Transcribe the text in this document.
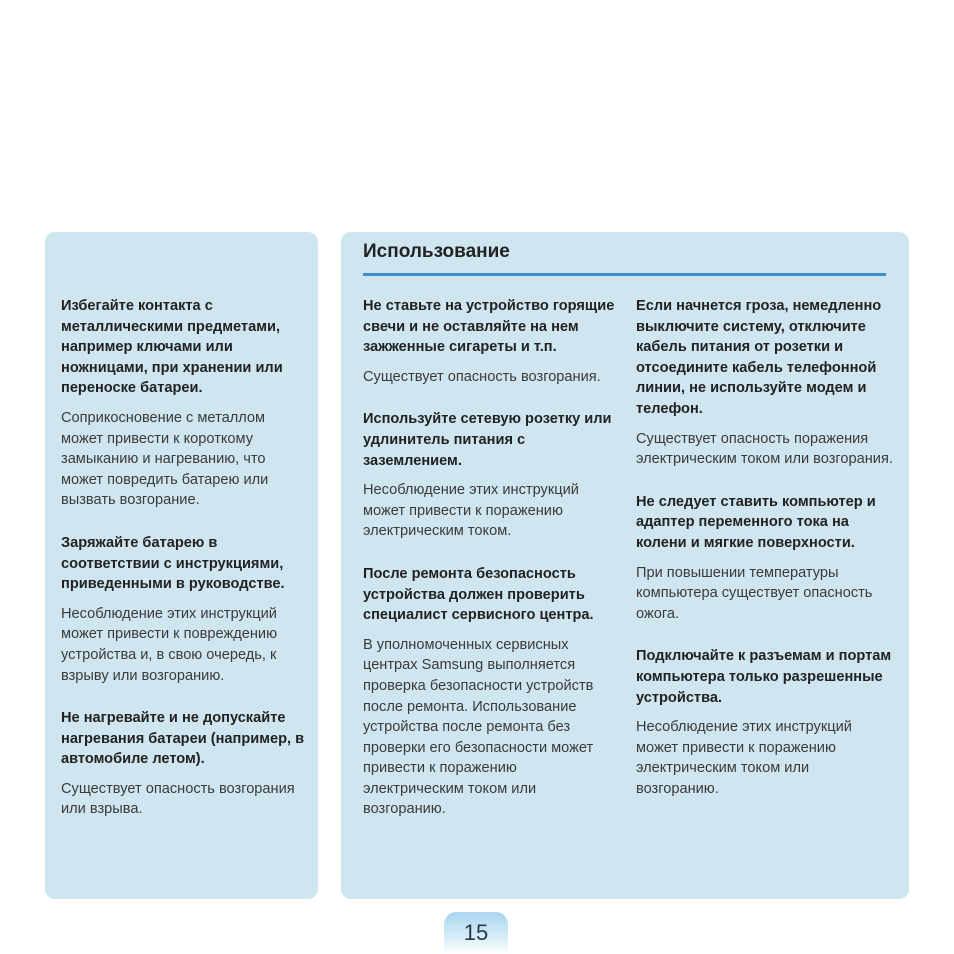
Избегайте контакта с металлическими предметами, например ключами или ножницами, при хранении или переноске батареи.

Соприкосновение с металлом может привести к короткому замыканию и нагреванию, что может повредить батарею или вызвать возгорание.

Заряжайте батарею в соответствии с инструкциями, приведенными в руководстве.

Несоблюдение этих инструкций может привести к повреждению устройства и, в свою очередь, к взрыву или возгоранию.

Не нагревайте и не допускайте нагревания батареи (например, в автомобиле летом).

Существует опасность возгорания или взрыва.

Использование

Не ставьте на устройство горящие свечи и не оставляйте на нем зажженные сигареты и т.п.

Существует опасность возгорания.

Используйте сетевую розетку или удлинитель питания с заземлением.

Несоблюдение этих инструкций может привести к поражению электрическим током.

После ремонта безопасность устройства должен проверить специалист сервисного центра.

В уполномоченных сервисных центрах Samsung выполняется проверка безопасности устройств после ремонта. Использование устройства после ремонта без проверки его безопасности может привести к поражению электрическим током или возгоранию.

Если начнется гроза, немедленно выключите систему, отключите кабель питания от розетки и отсоедините кабель телефонной линии, не используйте модем и телефон.

Существует опасность поражения электрическим током или возгорания.

Не следует ставить компьютер и адаптер переменного тока на колени и мягкие поверхности.

При повышении температуры компьютера существует опасность ожога.

Подключайте к разъемам и портам компьютера только разрешенные устройства.

Несоблюдение этих инструкций может привести к поражению электрическим током или возгоранию.

15
